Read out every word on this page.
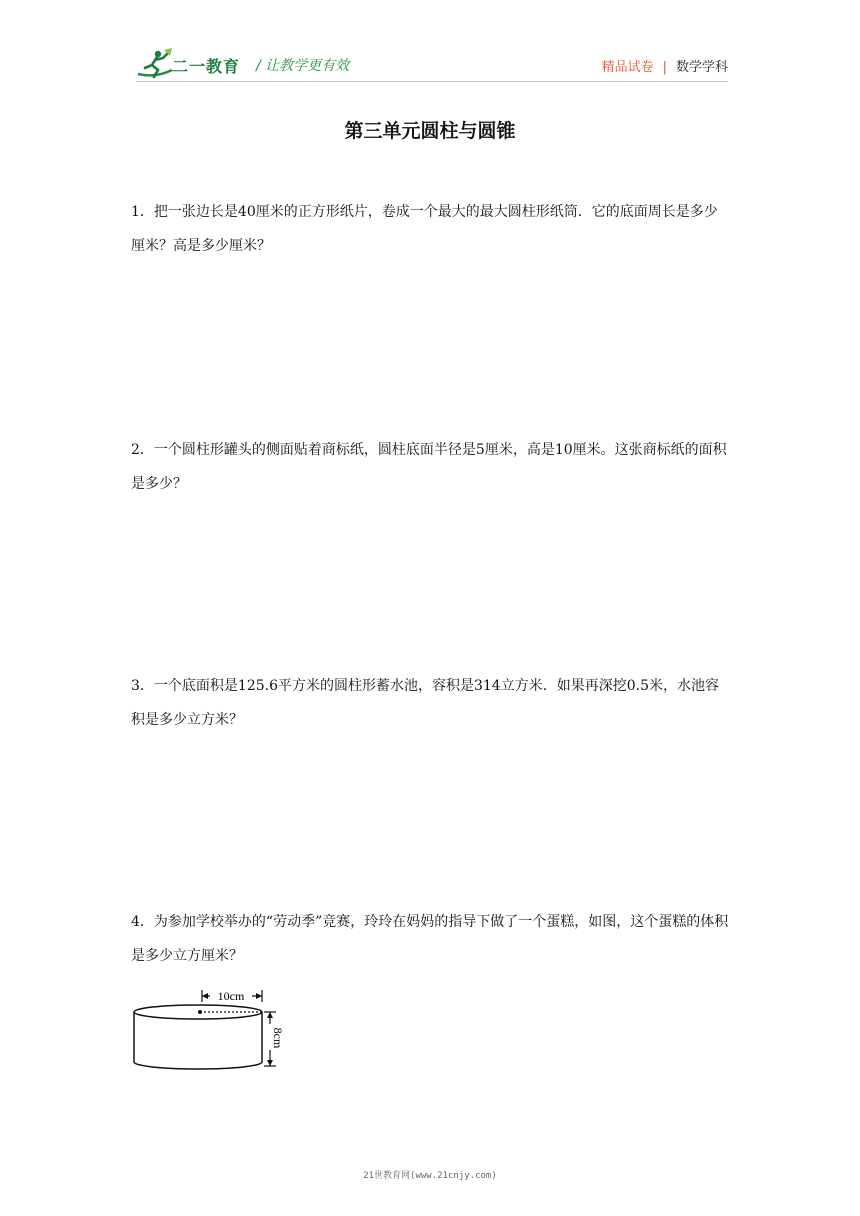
二一教育 / 让教学更有效	精品试卷 | 数学学科
第三单元圆柱与圆锥
1．把一张边长是40厘米的正方形纸片，卷成一个最大的最大圆柱形纸筒．它的底面周长是多少厘米？高是多少厘米？
2．一个圆柱形罐头的侧面贴着商标纸，圆柱底面半径是5厘米，高是10厘米。这张商标纸的面积是多少？
3．一个底面积是125.6平方米的圆柱形蓄水池，容积是314立方米．如果再深挖0.5米，水池容积是多少立方米？
4．为参加学校举办的“劳动季”竞赛，玲玲在妈妈的指导下做了一个蛋糕，如图，这个蛋糕的体积是多少立方厘米？
10cm
8cm
21世教育网(www.21cnjy.com)
